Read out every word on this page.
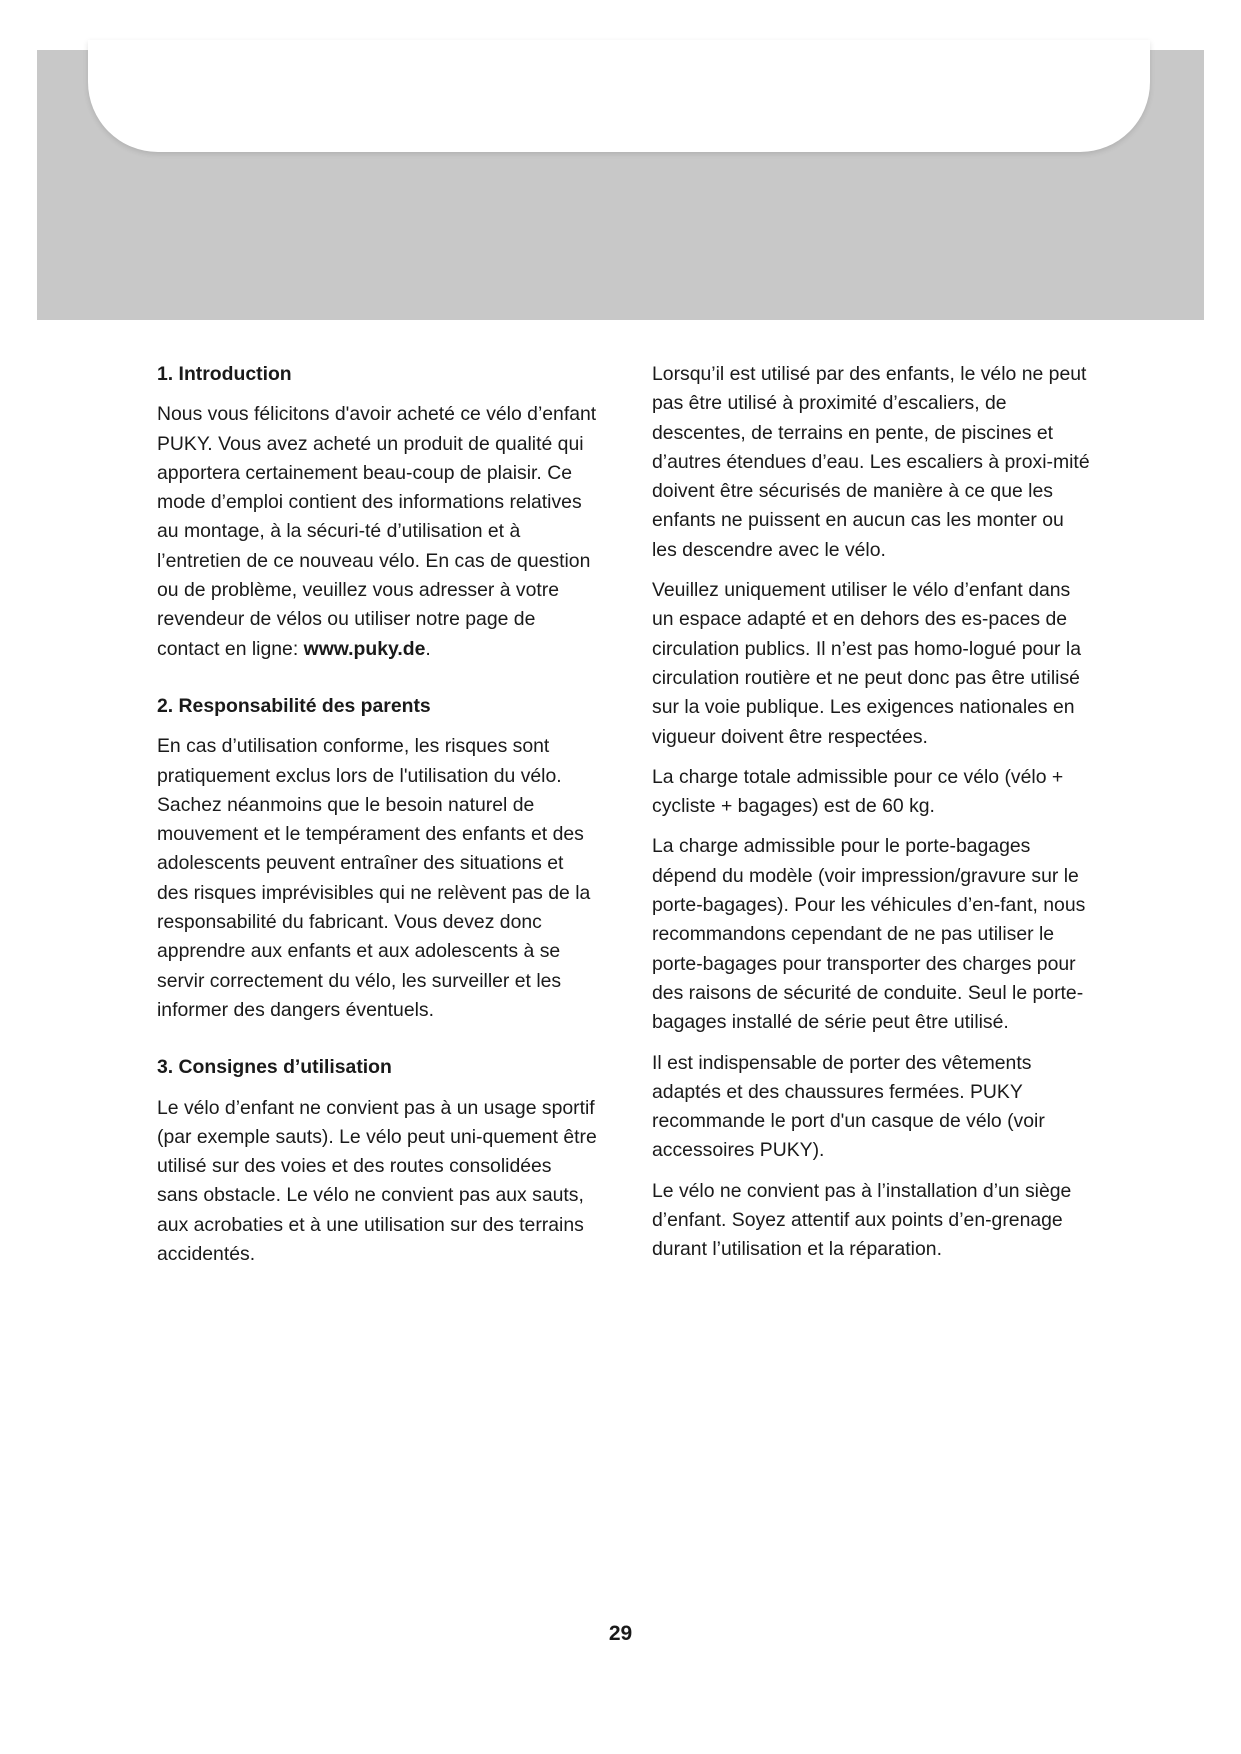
1. Introduction

Nous vous félicitons d'avoir acheté ce vélo d’enfant PUKY. Vous avez acheté un produit de qualité qui apportera certainement beau-coup de plaisir. Ce mode d’emploi contient des informations relatives au montage, à la sécuri-té d’utilisation et à l’entretien de ce nouveau vélo. En cas de question ou de problème, veuillez vous adresser à votre revendeur de vélos ou utiliser notre page de contact en ligne: www.puky.de.

2. Responsabilité des parents

En cas d’utilisation conforme, les risques sont pratiquement exclus lors de l'utilisation du vélo. Sachez néanmoins que le besoin naturel de mouvement et le tempérament des enfants et des adolescents peuvent entraîner des situations et des risques imprévisibles qui ne relèvent pas de la responsabilité du fabricant. Vous devez donc apprendre aux enfants et aux adolescents à se servir correctement du vélo, les surveiller et les informer des dangers éventuels.

3. Consignes d’utilisation

Le vélo d’enfant ne convient pas à un usage sportif (par exemple sauts). Le vélo peut uni-quement être utilisé sur des voies et des routes consolidées sans obstacle. Le vélo ne convient pas aux sauts, aux acrobaties et à une utilisation sur des terrains accidentés.

Lorsqu’il est utilisé par des enfants, le vélo ne peut pas être utilisé à proximité d’escaliers, de descentes, de terrains en pente, de piscines et d’autres étendues d’eau. Les escaliers à proxi-mité doivent être sécurisés de manière à ce que les enfants ne puissent en aucun cas les monter ou les descendre avec le vélo.

Veuillez uniquement utiliser le vélo d’enfant dans un espace adapté et en dehors des es-paces de circulation publics. Il n’est pas homo-logué pour la circulation routière et ne peut donc pas être utilisé sur la voie publique. Les exigences nationales en vigueur doivent être respectées.

La charge totale admissible pour ce vélo (vélo + cycliste + bagages) est de 60 kg.

La charge admissible pour le porte-bagages dépend du modèle (voir impression/gravure sur le porte-bagages). Pour les véhicules d’en-fant, nous recommandons cependant de ne pas utiliser le porte-bagages pour transporter des charges pour des raisons de sécurité de conduite. Seul le porte-bagages installé de série peut être utilisé.

Il est indispensable de porter des vêtements adaptés et des chaussures fermées. PUKY recommande le port d'un casque de vélo (voir accessoires PUKY).

Le vélo ne convient pas à l’installation d’un siège d’enfant. Soyez attentif aux points d’en-grenage durant l’utilisation et la réparation.

29
